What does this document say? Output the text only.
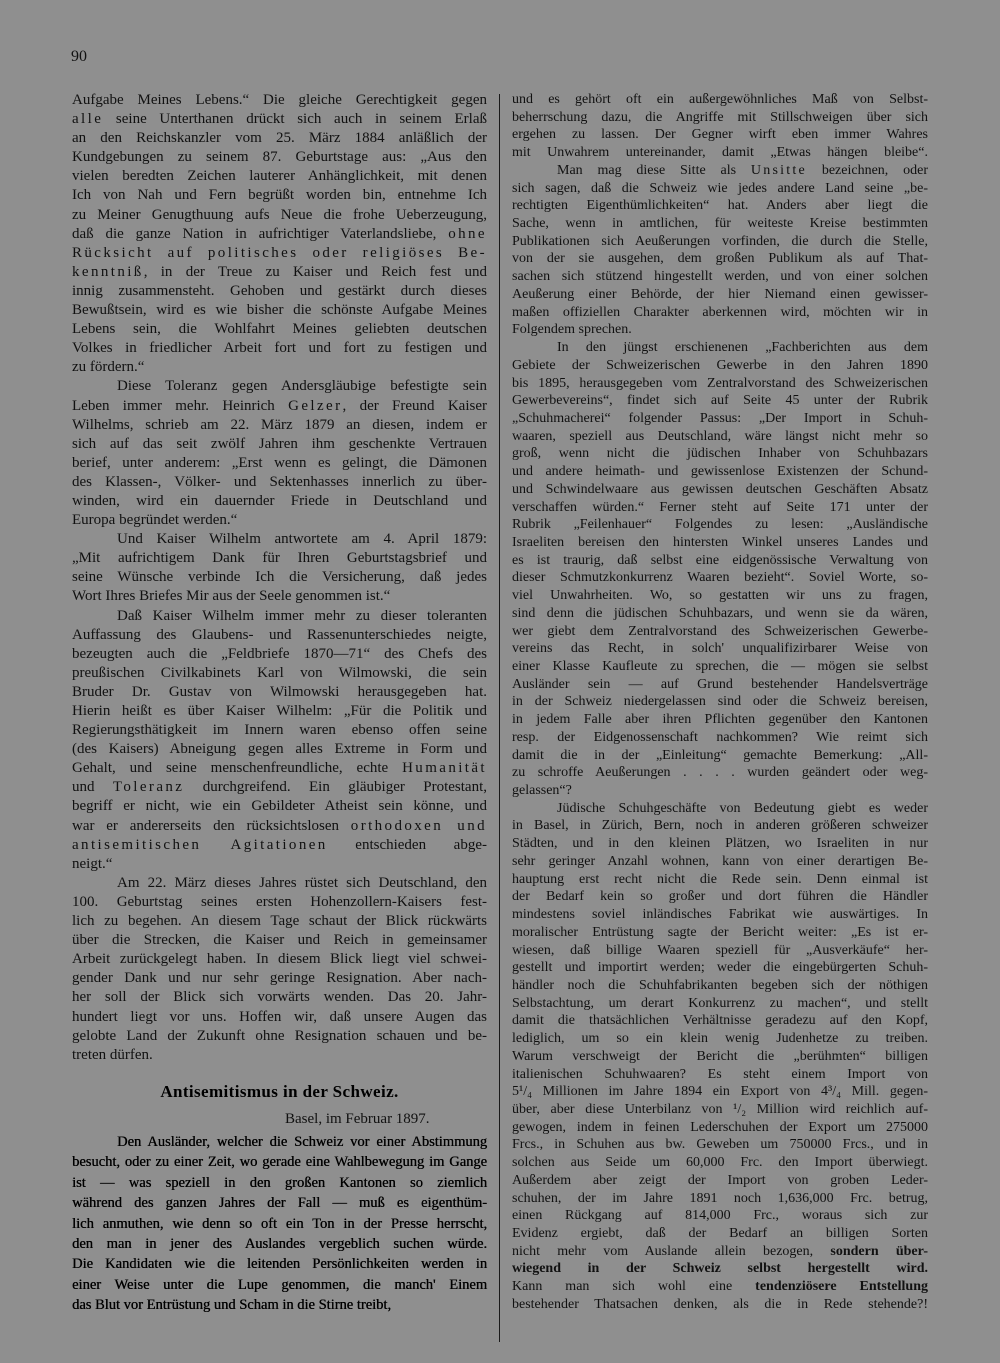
90
Aufgabe Meines Lebens.“ Die gleiche Gerechtigkeit gegen
alle seine Unterthanen drückt sich auch in seinem Erlaß
an den Reichskanzler vom 25. März 1884 anläßlich der
Kundgebungen zu seinem 87. Geburtstage aus: „Aus den
vielen beredten Zeichen lauterer Anhänglichkeit, mit denen
Ich von Nah und Fern begrüßt worden bin, entnehme Ich
zu Meiner Genugthuung aufs Neue die frohe Ueberzeugung,
daß die ganze Nation in aufrichtiger Vaterlandsliebe, ohne
Rücksicht auf politisches oder religiöses Be-
kenntniß, in der Treue zu Kaiser und Reich fest und
innig zusammensteht. Gehoben und gestärkt durch dieses
Bewußtsein, wird es wie bisher die schönste Aufgabe Meines
Lebens sein, die Wohlfahrt Meines geliebten deutschen
Volkes in friedlicher Arbeit fort und fort zu festigen und
zu fördern.“
Diese Toleranz gegen Andersgläubige befestigte sein
Leben immer mehr. Heinrich Gelzer, der Freund Kaiser
Wilhelms, schrieb am 22. März 1879 an diesen, indem er
sich auf das seit zwölf Jahren ihm geschenkte Vertrauen
berief, unter anderem: „Erst wenn es gelingt, die Dämonen
des Klassen-, Völker- und Sektenhasses innerlich zu über-
winden, wird ein dauernder Friede in Deutschland und
Europa begründet werden.“
Und Kaiser Wilhelm antwortete am 4. April 1879:
„Mit aufrichtigem Dank für Ihren Geburtstagsbrief und
seine Wünsche verbinde Ich die Versicherung, daß jedes
Wort Ihres Briefes Mir aus der Seele genommen ist.“
Daß Kaiser Wilhelm immer mehr zu dieser toleranten
Auffassung des Glaubens- und Rassenunterschiedes neigte,
bezeugten auch die „Feldbriefe 1870—71“ des Chefs des
preußischen Civilkabinets Karl von Wilmowski, die sein
Bruder Dr. Gustav von Wilmowski herausgegeben hat.
Hierin heißt es über Kaiser Wilhelm: „Für die Politik und
Regierungsthätigkeit im Innern waren ebenso offen seine
(des Kaisers) Abneigung gegen alles Extreme in Form und
Gehalt, und seine menschenfreundliche, echte Humanität
und Toleranz durchgreifend. Ein gläubiger Protestant,
begriff er nicht, wie ein Gebildeter Atheist sein könne, und
war er andererseits den rücksichtslosen orthodoxen und
antisemitischen Agitationen entschieden abge-
neigt.“
Am 22. März dieses Jahres rüstet sich Deutschland, den
100. Geburtstag seines ersten Hohenzollern-Kaisers fest-
lich zu begehen. An diesem Tage schaut der Blick rückwärts
über die Strecken, die Kaiser und Reich in gemeinsamer
Arbeit zurückgelegt haben. In diesem Blick liegt viel schwei-
gender Dank und nur sehr geringe Resignation. Aber nach-
her soll der Blick sich vorwärts wenden. Das 20. Jahr-
hundert liegt vor uns. Hoffen wir, daß unsere Augen das
gelobte Land der Zukunft ohne Resignation schauen und be-
treten dürfen.
Antisemitismus in der Schweiz.
Basel, im Februar 1897.
Den Ausländer, welcher die Schweiz vor einer Abstimmung
besucht, oder zu einer Zeit, wo gerade eine Wahlbewegung im Gange
ist — was speziell in den großen Kantonen so ziemlich
während des ganzen Jahres der Fall — muß es eigenthüm-
lich anmuthen, wie denn so oft ein Ton in der Presse herrscht,
den man in jener des Auslandes vergeblich suchen würde.
Die Kandidaten wie die leitenden Persönlichkeiten werden in
einer Weise unter die Lupe genommen, die manch' Einem
das Blut vor Entrüstung und Scham in die Stirne treibt,
und es gehört oft ein außergewöhnliches Maß von Selbst-
beherrschung dazu, die Angriffe mit Stillschweigen über sich
ergehen zu lassen. Der Gegner wirft eben immer Wahres
mit Unwahrem untereinander, damit „Etwas hängen bleibe“.
Man mag diese Sitte als Unsitte bezeichnen, oder
sich sagen, daß die Schweiz wie jedes andere Land seine „be-
rechtigten Eigenthümlichkeiten“ hat. Anders aber liegt die
Sache, wenn in amtlichen, für weiteste Kreise bestimmten
Publikationen sich Aeußerungen vorfinden, die durch die Stelle,
von der sie ausgehen, dem großen Publikum als auf That-
sachen sich stützend hingestellt werden, und von einer solchen
Aeußerung einer Behörde, der hier Niemand einen gewisser-
maßen offiziellen Charakter aberkennen wird, möchten wir in
Folgendem sprechen.
In den jüngst erschienenen „Fachberichten aus dem
Gebiete der Schweizerischen Gewerbe in den Jahren 1890
bis 1895, herausgegeben vom Zentralvorstand des Schweizerischen
Gewerbevereins“, findet sich auf Seite 45 unter der Rubrik
„Schuhmacherei“ folgender Passus: „Der Import in Schuh-
waaren, speziell aus Deutschland, wäre längst nicht mehr so
groß, wenn nicht die jüdischen Inhaber von Schuhbazars
und andere heimath- und gewissenlose Existenzen der Schund-
und Schwindelwaare aus gewissen deutschen Geschäften Absatz
verschaffen würden.“ Ferner steht auf Seite 171 unter der
Rubrik „Feilenhauer“ Folgendes zu lesen: „Ausländische
Israeliten bereisen den hintersten Winkel unseres Landes und
es ist traurig, daß selbst eine eidgenössische Verwaltung von
dieser Schmutzkonkurrenz Waaren bezieht“. Soviel Worte, so-
viel Unwahrheiten. Wo, so gestatten wir uns zu fragen,
sind denn die jüdischen Schuhbazars, und wenn sie da wären,
wer giebt dem Zentralvorstand des Schweizerischen Gewerbe-
vereins das Recht, in solch' unqualifizirbarer Weise von
einer Klasse Kaufleute zu sprechen, die — mögen sie selbst
Ausländer sein — auf Grund bestehender Handelsverträge
in der Schweiz niedergelassen sind oder die Schweiz bereisen,
in jedem Falle aber ihren Pflichten gegenüber den Kantonen
resp. der Eidgenossenschaft nachkommen? Wie reimt sich
damit die in der „Einleitung“ gemachte Bemerkung: „All-
zu schroffe Aeußerungen . . . . wurden geändert oder weg-
gelassen“?
Jüdische Schuhgeschäfte von Bedeutung giebt es weder
in Basel, in Zürich, Bern, noch in anderen größeren schweizer
Städten, und in den kleinen Plätzen, wo Israeliten in nur
sehr geringer Anzahl wohnen, kann von einer derartigen Be-
hauptung erst recht nicht die Rede sein. Denn einmal ist
der Bedarf kein so großer und dort führen die Händler
mindestens soviel inländisches Fabrikat wie auswärtiges. In
moralischer Entrüstung sagte der Bericht weiter: „Es ist er-
wiesen, daß billige Waaren speziell für „Ausverkäufe“ her-
gestellt und importirt werden; weder die eingebürgerten Schuh-
händler noch die Schuhfabrikanten begeben sich der nöthigen
Selbstachtung, um derart Konkurrenz zu machen“, und stellt
damit die thatsächlichen Verhältnisse geradezu auf den Kopf,
lediglich, um so ein klein wenig Judenhetze zu treiben.
Warum verschweigt der Bericht die „berühmten“ billigen
italienischen Schuhwaaren? Es steht einem Import von
5¹/₄ Millionen im Jahre 1894 ein Export von 4³/₄ Mill. gegen-
über, aber diese Unterbilanz von ¹/₂ Million wird reichlich auf-
gewogen, indem in feinen Lederschuhen der Export um 275000
Frcs., in Schuhen aus bw. Geweben um 750000 Frcs., und in
solchen aus Seide um 60,000 Frc. den Import überwiegt.
Außerdem aber zeigt der Import von groben Leder-
schuhen, der im Jahre 1891 noch 1,636,000 Frc. betrug,
einen Rückgang auf 814,000 Frc., woraus sich zur
Evidenz ergiebt, daß der Bedarf an billigen Sorten
nicht mehr vom Auslande allein bezogen, sondern über-
wiegend in der Schweiz selbst hergestellt wird.
Kann man sich wohl eine tendenziösere Entstellung
bestehender Thatsachen denken, als die in Rede stehende?!
